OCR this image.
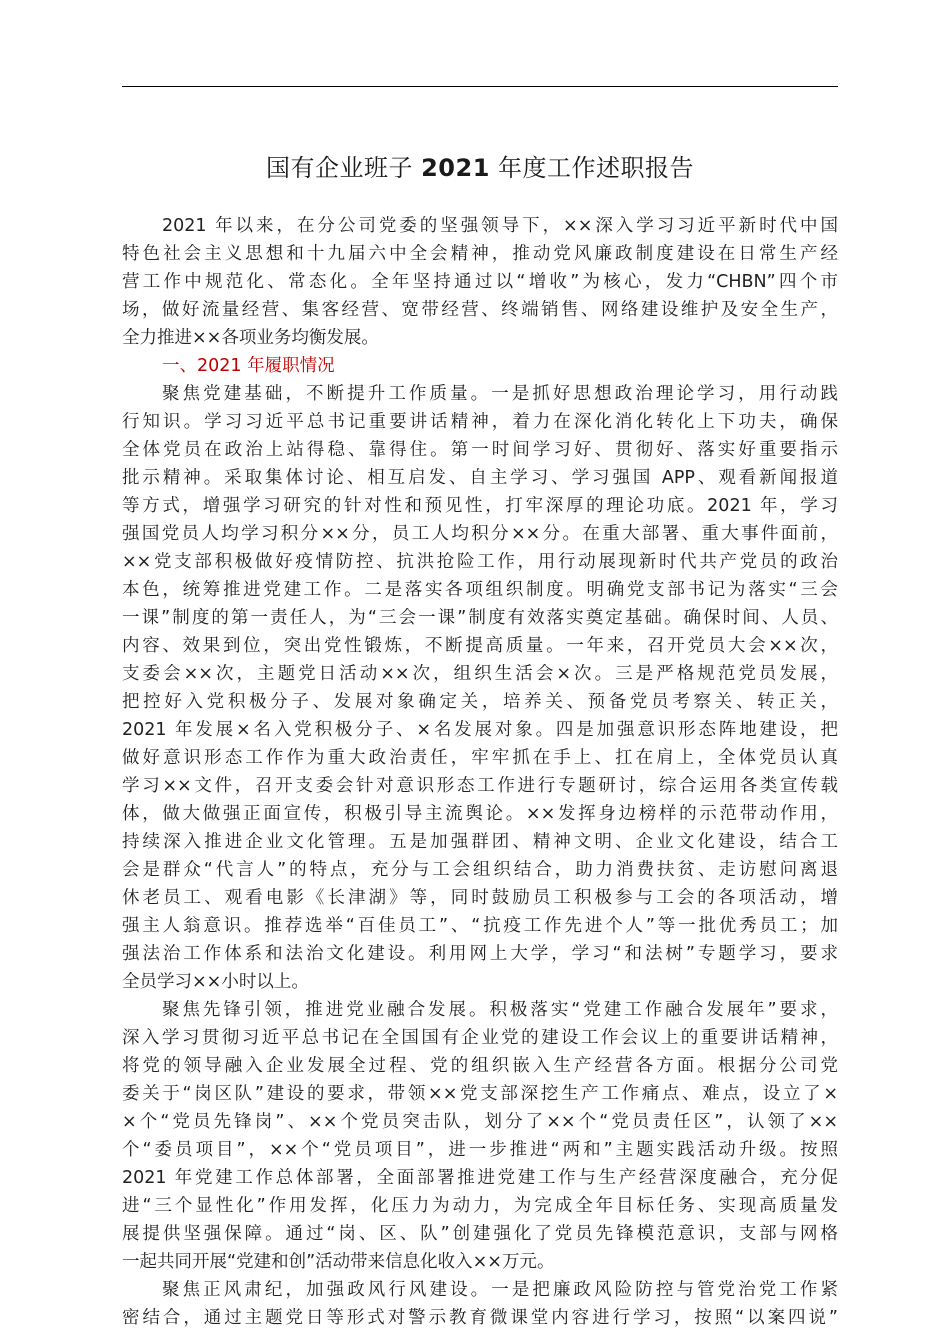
国有企业班子 2021 年度工作述职报告
2021 年以来，在分公司党委的坚强领导下，××深入学习习近平新时代中国
特色社会主义思想和十九届六中全会精神，推动党风廉政制度建设在日常生产经
营工作中规范化、常态化。全年坚持通过以“增收”为核心，发力“CHBN”四个市
场，做好流量经营、集客经营、宽带经营、终端销售、网络建设维护及安全生产，
全力推进××各项业务均衡发展。
一、2021 年履职情况
聚焦党建基础，不断提升工作质量。一是抓好思想政治理论学习，用行动践
行知识。学习习近平总书记重要讲话精神，着力在深化消化转化上下功夫，确保
全体党员在政治上站得稳、靠得住。第一时间学习好、贯彻好、落实好重要指示
批示精神。采取集体讨论、相互启发、自主学习、学习强国 APP、观看新闻报道
等方式，增强学习研究的针对性和预见性，打牢深厚的理论功底。2021 年，学习
强国党员人均学习积分××分，员工人均积分××分。在重大部署、重大事件面前，
××党支部积极做好疫情防控、抗洪抢险工作，用行动展现新时代共产党员的政治
本色，统筹推进党建工作。二是落实各项组织制度。明确党支部书记为落实“三会
一课”制度的第一责任人，为“三会一课”制度有效落实奠定基础。确保时间、人员、
内容、效果到位，突出党性锻炼，不断提高质量。一年来，召开党员大会××次，
支委会××次，主题党日活动××次，组织生活会×次。三是严格规范党员发展，
把控好入党积极分子、发展对象确定关，培养关、预备党员考察关、转正关，
2021 年发展×名入党积极分子、×名发展对象。四是加强意识形态阵地建设，把
做好意识形态工作作为重大政治责任，牢牢抓在手上、扛在肩上，全体党员认真
学习××文件，召开支委会针对意识形态工作进行专题研讨，综合运用各类宣传载
体，做大做强正面宣传，积极引导主流舆论。××发挥身边榜样的示范带动作用，
持续深入推进企业文化管理。五是加强群团、精神文明、企业文化建设，结合工
会是群众“代言人”的特点，充分与工会组织结合，助力消费扶贫、走访慰问离退
休老员工、观看电影《长津湖》等，同时鼓励员工积极参与工会的各项活动，增
强主人翁意识。推荐选举“百佳员工”、“抗疫工作先进个人”等一批优秀员工；加
强法治工作体系和法治文化建设。利用网上大学，学习“和法树”专题学习，要求
全员学习××小时以上。
聚焦先锋引领，推进党业融合发展。积极落实“党建工作融合发展年”要求，
深入学习贯彻习近平总书记在全国国有企业党的建设工作会议上的重要讲话精神，
将党的领导融入企业发展全过程、党的组织嵌入生产经营各方面。根据分公司党
委关于“岗区队”建设的要求，带领××党支部深挖生产工作痛点、难点，设立了×
×个“党员先锋岗”、××个党员突击队，划分了××个“党员责任区”，认领了××
个“委员项目”，××个“党员项目”，进一步推进“两和”主题实践活动升级。按照
2021 年党建工作总体部署，全面部署推进党建工作与生产经营深度融合，充分促
进“三个显性化”作用发挥，化压力为动力，为完成全年目标任务、实现高质量发
展提供坚强保障。通过“岗、区、队”创建强化了党员先锋模范意识，支部与网格
一起共同开展“党建和创”活动带来信息化收入××万元。
聚焦正风肃纪，加强政风行风建设。一是把廉政风险防控与管党治党工作紧
密结合，通过主题党日等形式对警示教育微课堂内容进行学习，按照“以案四说”
